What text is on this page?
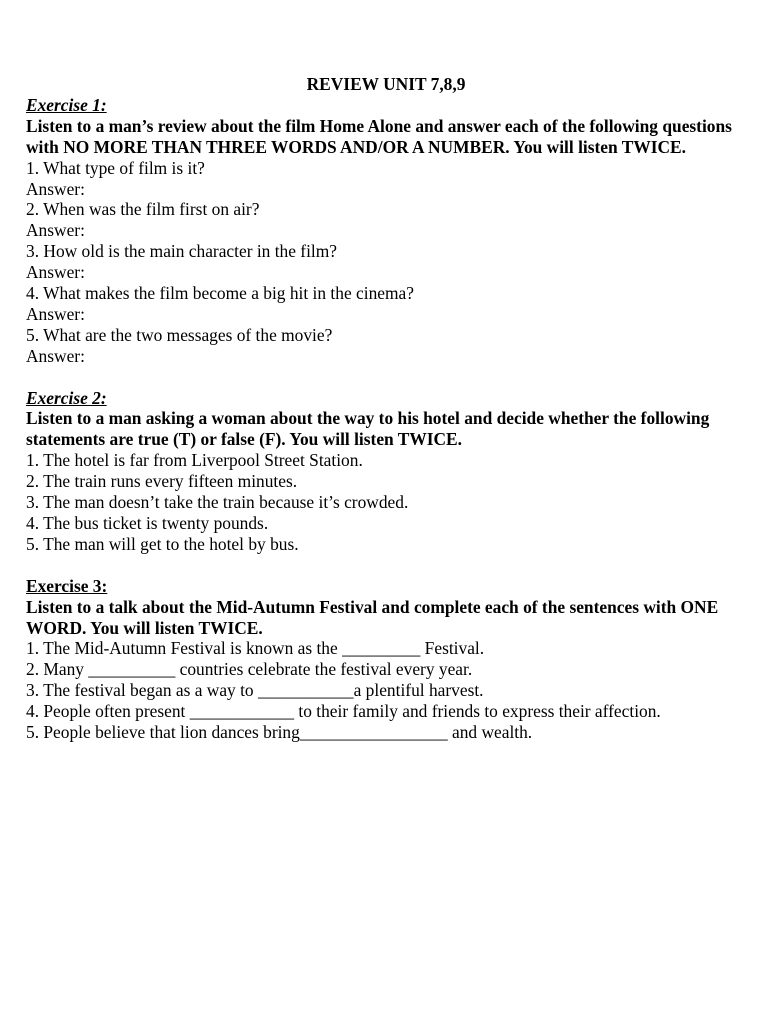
REVIEW UNIT 7,8,9
Exercise 1:
Listen to a man’s review about the film Home Alone and answer each of the following questions with NO MORE THAN THREE WORDS AND/OR A NUMBER. You will listen TWICE.
1. What type of film is it?
Answer:
2. When was the film first on air?
Answer:
3. How old is the main character in the film?
Answer:
4. What makes the film become a big hit in the cinema?
Answer:
5. What are the two messages of the movie?
Answer:
Exercise 2:
Listen to a man asking a woman about the way to his hotel and decide whether the following statements are true (T) or false (F). You will listen TWICE.
1. The hotel is far from Liverpool Street Station.
2. The train runs every fifteen minutes.
3. The man doesn’t take the train because it’s crowded.
4. The bus ticket is twenty pounds.
5. The man will get to the hotel by bus.
Exercise 3:
Listen to a talk about the Mid-Autumn Festival and complete each of the sentences with ONE WORD. You will listen TWICE.
1. The Mid-Autumn Festival is known as the _________ Festival.
2. Many __________ countries celebrate the festival every year.
3. The festival began as a way to ___________a plentiful harvest.
4. People often present ____________ to their family and friends to express their affection.
5. People believe that lion dances bring_________________ and wealth.
